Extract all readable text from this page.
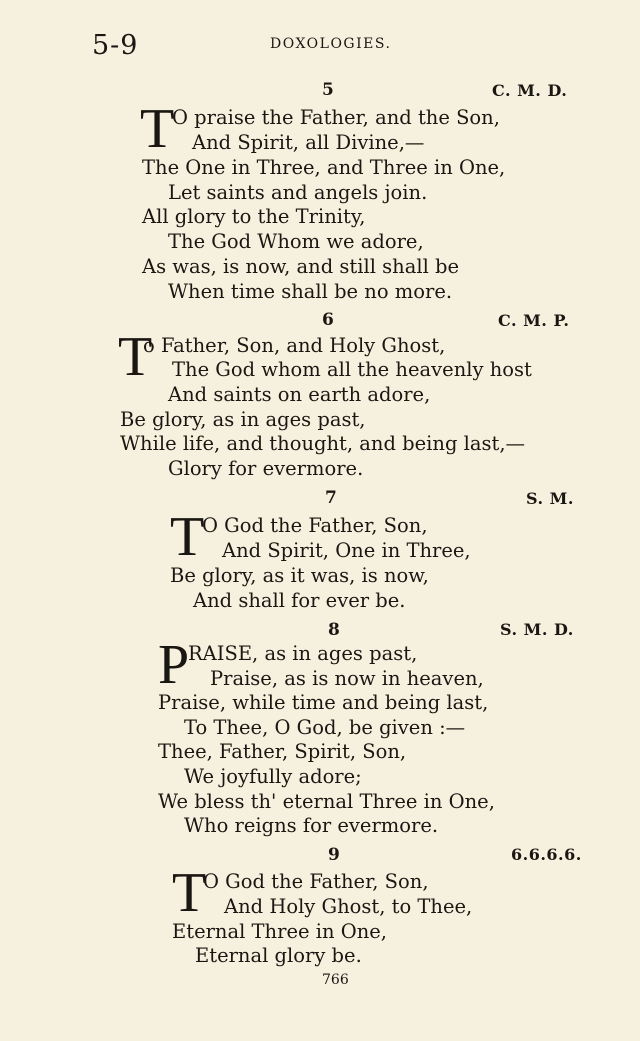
5-9	DOXOLOGIES.
5	C. M. D.
T
O praise the Father, and the Son,
And Spirit, all Divine,—
The One in Three, and Three in One,
Let saints and angels join.
All glory to the Trinity,
The God Whom we adore,
As was, is now, and still shall be
When time shall be no more.
6	C. M. P.
T
o Father, Son, and Holy Ghost,
The God whom all the heavenly host
And saints on earth adore,
Be glory, as in ages past,
While life, and thought, and being last,—
Glory for evermore.
7	S. M.
T
O God the Father, Son,
And Spirit, One in Three,
Be glory, as it was, is now,
And shall for ever be.
8	S. M. D.
P
RAISE, as in ages past,
Praise, as is now in heaven,
Praise, while time and being last,
To Thee, O God, be given :—
Thee, Father, Spirit, Son,
We joyfully adore;
We bless th' eternal Three in One,
Who reigns for evermore.
9	6.6.6.6.
T
O God the Father, Son,
And Holy Ghost, to Thee,
Eternal Three in One,
Eternal glory be.
766
